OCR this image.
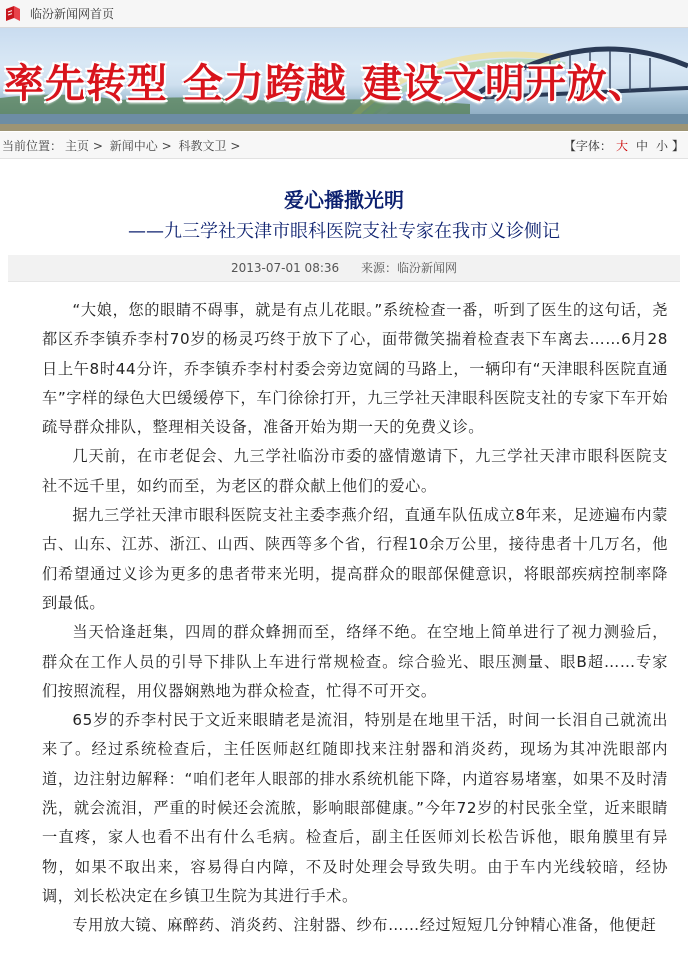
临汾新闻网首页
率先转型 全力跨越 建设文明开放、
当前位置： 主页 > 新闻中心 > 科教文卫 >	【字体： 大 中 小 】
爱心播撒光明
——九三学社天津市眼科医院支社专家在我市义诊侧记
2013-07-01 08:36 来源：临汾新闻网

“大娘，您的眼睛不碍事，就是有点儿花眼。”系统检查一番，听到了医生的这句话，尧都区乔李镇乔李村70岁的杨灵巧终于放下了心，面带微笑揣着检查表下车离去……6月28日上午8时44分许，乔李镇乔李村村委会旁边宽阔的马路上，一辆印有“天津眼科医院直通车”字样的绿色大巴缓缓停下，车门徐徐打开，九三学社天津眼科医院支社的专家下车开始疏导群众排队，整理相关设备，准备开始为期一天的免费义诊。

几天前，在市老促会、九三学社临汾市委的盛情邀请下，九三学社天津市眼科医院支社不远千里，如约而至，为老区的群众献上他们的爱心。

据九三学社天津市眼科医院支社主委李燕介绍，直通车队伍成立8年来，足迹遍布内蒙古、山东、江苏、浙江、山西、陕西等多个省，行程10余万公里，接待患者十几万名，他们希望通过义诊为更多的患者带来光明，提高群众的眼部保健意识，将眼部疾病控制率降到最低。

当天恰逢赶集，四周的群众蜂拥而至，络绎不绝。在空地上简单进行了视力测验后，群众在工作人员的引导下排队上车进行常规检查。综合验光、眼压测量、眼B超……专家们按照流程，用仪器娴熟地为群众检查，忙得不可开交。

65岁的乔李村民于文近来眼睛老是流泪，特别是在地里干活，时间一长泪自己就流出来了。经过系统检查后，主任医师赵红随即找来注射器和消炎药，现场为其冲洗眼部内道，边注射边解释：“咱们老年人眼部的排水系统机能下降，内道容易堵塞，如果不及时清洗，就会流泪，严重的时候还会流脓，影响眼部健康。”今年72岁的村民张全堂，近来眼睛一直疼，家人也看不出有什么毛病。检查后，副主任医师刘长松告诉他，眼角膜里有异物，如果不取出来，容易得白内障，不及时处理会导致失明。由于车内光线较暗，经协调，刘长松决定在乡镇卫生院为其进行手术。

专用放大镜、麻醉药、消炎药、注射器、纱布……经过短短几分钟精心准备，他便赶
